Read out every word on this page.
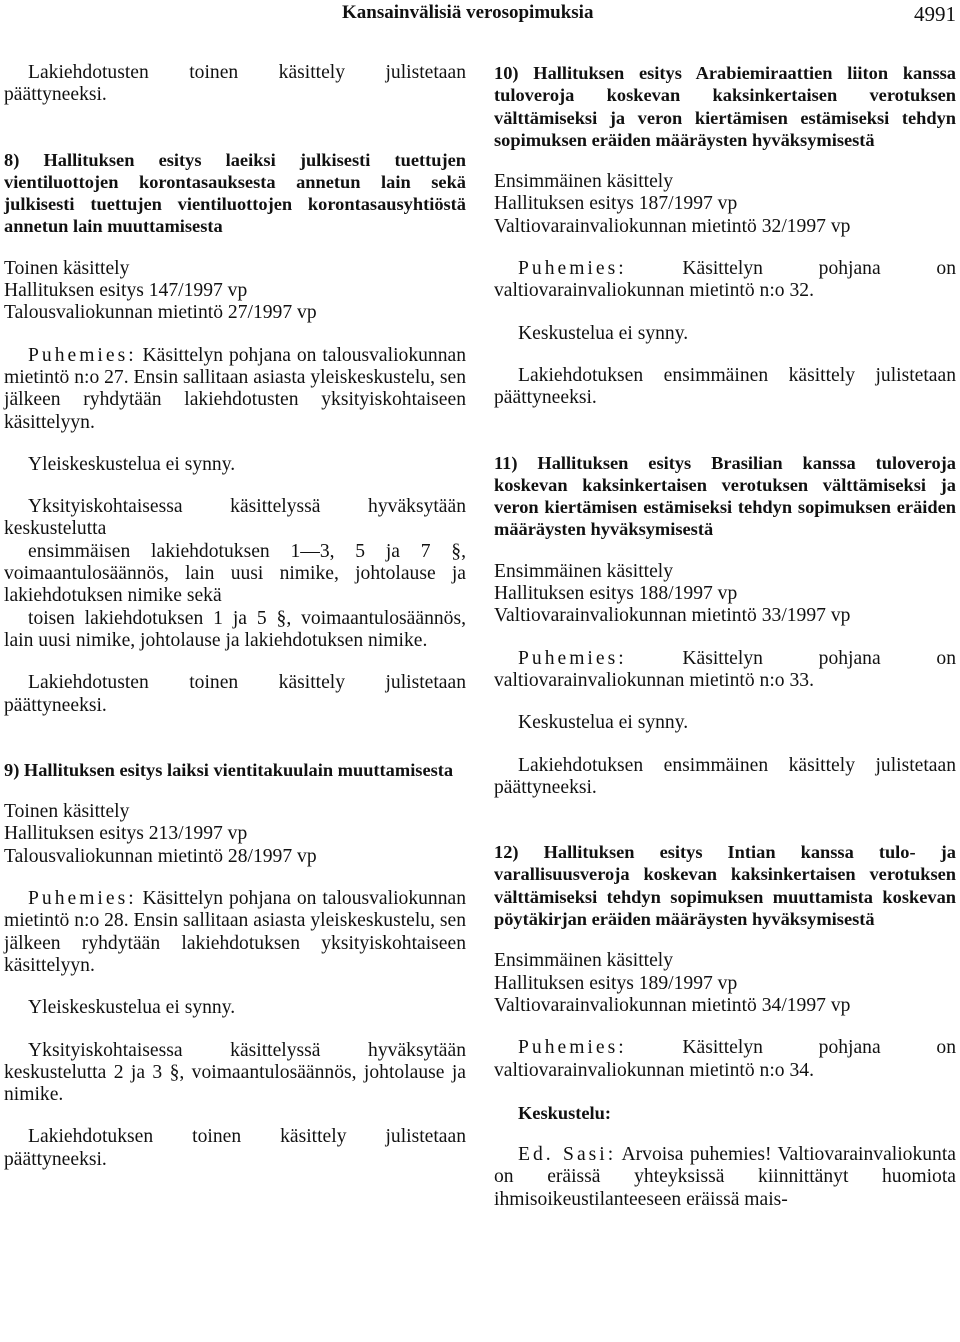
Kansainvälisiä verosopimuksia	4991

Lakiehdotusten toinen käsittely julistetaan päättyneeksi.

8) Hallituksen esitys laeiksi julkisesti tuettujen vientiluottojen korontasauksesta annetun lain sekä julkisesti tuettujen vientiluottojen korontasausyhtiöstä annetun lain muuttamisesta

Toinen käsittely

Hallituksen esitys 147/1997 vp

Talousvaliokunnan mietintö 27/1997 vp

Puhemies: Käsittelyn pohjana on talousvaliokunnan mietintö n:o 27. Ensin sallitaan asiasta yleiskeskustelu, sen jälkeen ryhdytään lakiehdotusten yksityiskohtaiseen käsittelyyn.

Yleiskeskustelua ei synny.

Yksityiskohtaisessa käsittelyssä hyväksytään keskustelutta

ensimmäisen lakiehdotuksen 1—3, 5 ja 7 §, voimaantulosäännös, lain uusi nimike, johtolause ja lakiehdotuksen nimike sekä

toisen lakiehdotuksen 1 ja 5 §, voimaantulosäännös, lain uusi nimike, johtolause ja lakiehdotuksen nimike.

Lakiehdotusten toinen käsittely julistetaan päättyneeksi.

9) Hallituksen esitys laiksi vientitakuulain muuttamisesta

Toinen käsittely

Hallituksen esitys 213/1997 vp

Talousvaliokunnan mietintö 28/1997 vp

Puhemies: Käsittelyn pohjana on talousvaliokunnan mietintö n:o 28. Ensin sallitaan asiasta yleiskeskustelu, sen jälkeen ryhdytään lakiehdotuksen yksityiskohtaiseen käsittelyyn.

Yleiskeskustelua ei synny.

Yksityiskohtaisessa käsittelyssä hyväksytään keskustelutta 2 ja 3 §, voimaantulosäännös, johtolause ja nimike.

Lakiehdotuksen toinen käsittely julistetaan päättyneeksi.

10) Hallituksen esitys Arabiemiraattien liiton kanssa tuloveroja koskevan kaksinkertaisen verotuksen välttämiseksi ja veron kiertämisen estämiseksi tehdyn sopimuksen eräiden määräysten hyväksymisestä

Ensimmäinen käsittely

Hallituksen esitys 187/1997 vp

Valtiovarainvaliokunnan mietintö 32/1997 vp

Puhemies:	Käsittelyn pohjana on valtiovarainvaliokunnan mietintö n:o 32.

Keskustelua ei synny.

Lakiehdotuksen ensimmäinen käsittely julistetaan päättyneeksi.

11) Hallituksen esitys Brasilian kanssa tuloveroja koskevan kaksinkertaisen verotuksen välttämiseksi ja veron kiertämisen estämiseksi tehdyn sopimuksen eräiden määräysten hyväksymisestä

Ensimmäinen käsittely

Hallituksen esitys 188/1997 vp

Valtiovarainvaliokunnan mietintö 33/1997 vp

Puhemies:	Käsittelyn pohjana on valtiovarainvaliokunnan mietintö n:o 33.

Keskustelua ei synny.

Lakiehdotuksen ensimmäinen käsittely julistetaan päättyneeksi.

12) Hallituksen esitys Intian kanssa tulo- ja varallisuusveroja koskevan kaksinkertaisen verotuksen välttämiseksi tehdyn sopimuksen muuttamista koskevan pöytäkirjan eräiden määräysten hyväksymisestä

Ensimmäinen käsittely

Hallituksen esitys 189/1997 vp

Valtiovarainvaliokunnan mietintö 34/1997 vp

Puhemies:	Käsittelyn pohjana on valtiovarainvaliokunnan mietintö n:o 34.

Keskustelu:

Ed. Sasi: Arvoisa puhemies! Valtiovarainvaliokunta on eräissä yhteyksissä kiinnittänyt huomiota ihmisoikeustilanteeseen eräissä mais-
